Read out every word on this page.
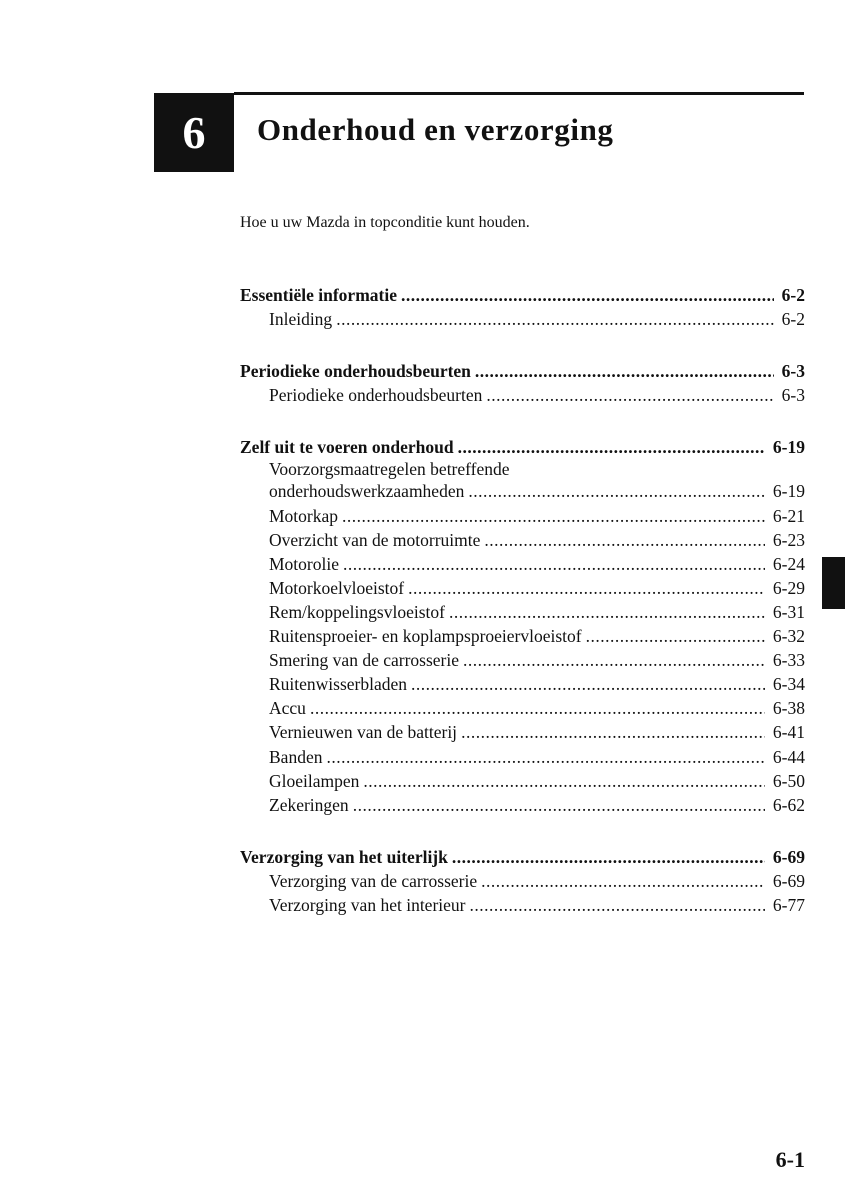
6 Onderhoud en verzorging
Hoe u uw Mazda in topconditie kunt houden.
Essentiële informatie .....	6-2
Inleiding .....	6-2
Periodieke onderhoudsbeurten .....	6-3
Periodieke onderhoudsbeurten .....	6-3
Zelf uit te voeren onderhoud .....	6-19
Voorzorgsmaatregelen betreffende
onderhoudswerkzaamheden .....	6-19
Motorkap .....	6-21
Overzicht van de motorruimte .....	6-23
Motorolie .....	6-24
Motorkoelvloeistof .....	6-29
Rem/koppelingsvloeistof .....	6-31
Ruitensproeier- en koplampsproeiervloeistof .....	6-32
Smering van de carrosserie .....	6-33
Ruitenwisserbladen .....	6-34
Accu .....	6-38
Vernieuwen van de batterij .....	6-41
Banden .....	6-44
Gloeilampen .....	6-50
Zekeringen .....	6-62
Verzorging van het uiterlijk .....	6-69
Verzorging van de carrosserie .....	6-69
Verzorging van het interieur .....	6-77
6-1
